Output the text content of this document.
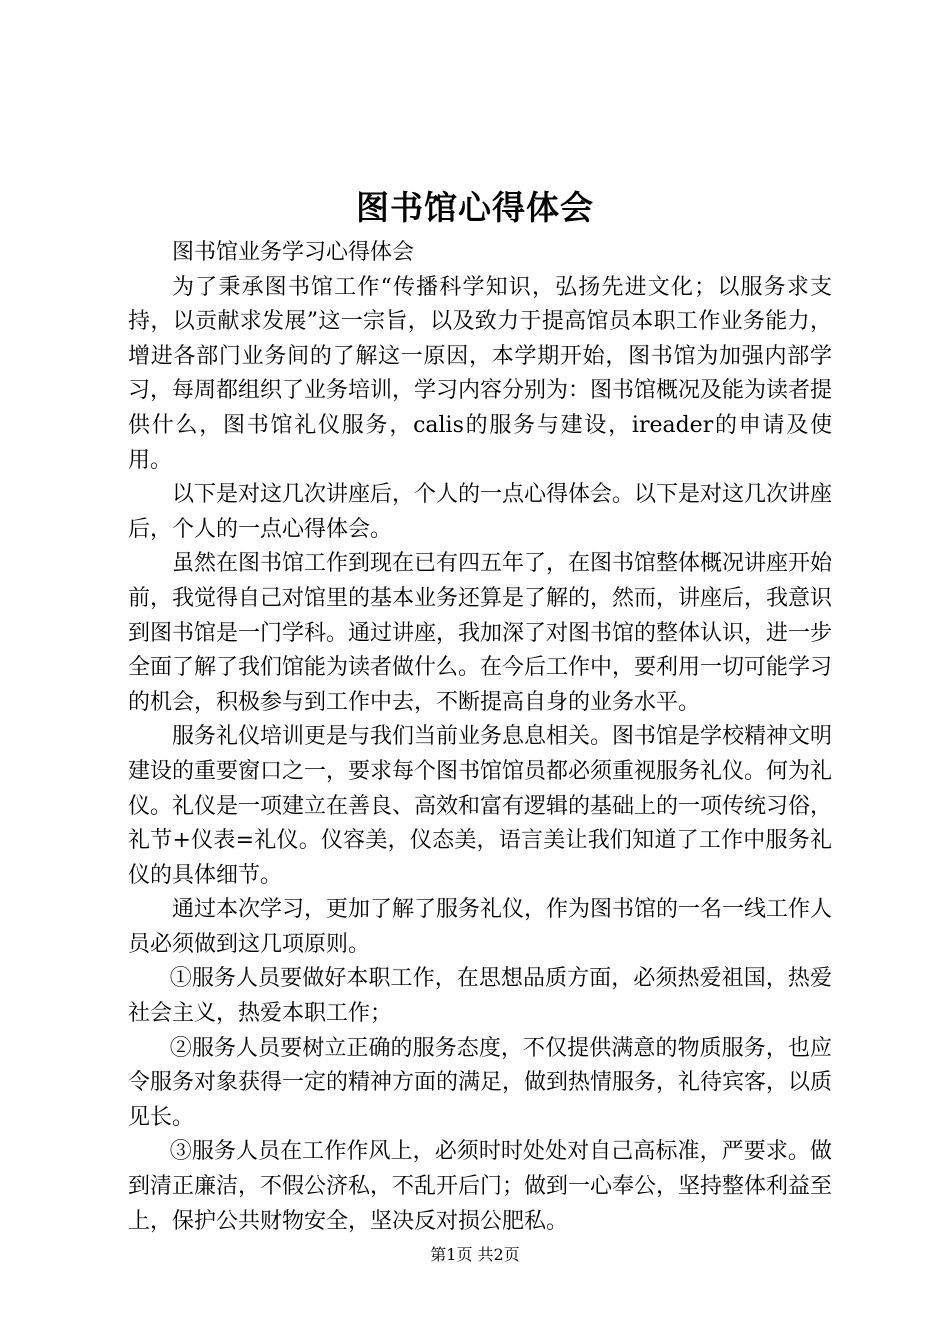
图书馆心得体会

图书馆业务学习心得体会

为了秉承图书馆工作“传播科学知识，弘扬先进文化；以服务求支持，以贡献求发展”这一宗旨，以及致力于提高馆员本职工作业务能力，增进各部门业务间的了解这一原因，本学期开始，图书馆为加强内部学习，每周都组织了业务培训，学习内容分别为：图书馆概况及能为读者提供什么，图书馆礼仪服务，calis的服务与建设，ireader的申请及使用。

以下是对这几次讲座后，个人的一点心得体会。以下是对这几次讲座后，个人的一点心得体会。

虽然在图书馆工作到现在已有四五年了，在图书馆整体概况讲座开始前，我觉得自己对馆里的基本业务还算是了解的，然而，讲座后，我意识到图书馆是一门学科。通过讲座，我加深了对图书馆的整体认识，进一步全面了解了我们馆能为读者做什么。在今后工作中，要利用一切可能学习的机会，积极参与到工作中去，不断提高自身的业务水平。

服务礼仪培训更是与我们当前业务息息相关。图书馆是学校精神文明建设的重要窗口之一，要求每个图书馆馆员都必须重视服务礼仪。何为礼仪。礼仪是一项建立在善良、高效和富有逻辑的基础上的一项传统习俗，礼节+仪表=礼仪。仪容美，仪态美，语言美让我们知道了工作中服务礼仪的具体细节。

通过本次学习，更加了解了服务礼仪，作为图书馆的一名一线工作人员必须做到这几项原则。

①服务人员要做好本职工作，在思想品质方面，必须热爱祖国，热爱社会主义，热爱本职工作；

②服务人员要树立正确的服务态度，不仅提供满意的物质服务，也应令服务对象获得一定的精神方面的满足，做到热情服务，礼待宾客，以质见长。

③服务人员在工作作风上，必须时时处处对自己高标准，严要求。做到清正廉洁，不假公济私，不乱开后门；做到一心奉公，坚持整体利益至上，保护公共财物安全，坚决反对损公肥私。

第1页 共2页
